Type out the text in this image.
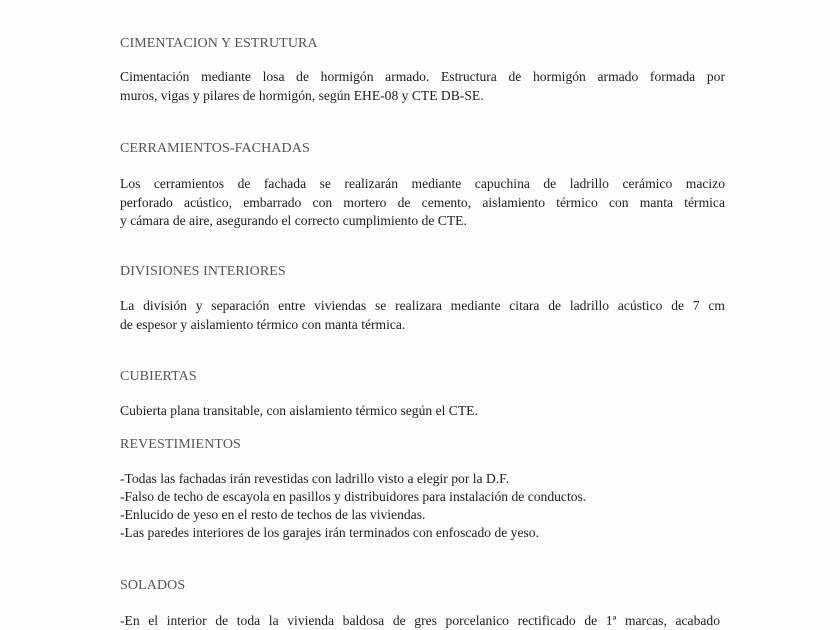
CIMENTACION Y ESTRUTURA
Cimentación mediante losa de hormigón armado. Estructura de hormigón armado formada por
muros, vigas y pilares de hormigón, según EHE-08 y CTE DB-SE.
CERRAMIENTOS-FACHADAS
Los cerramientos de fachada se realizarán mediante capuchina de ladrillo cerámico macizo
perforado acústico, embarrado con mortero de cemento, aislamiento térmico con manta térmica
y cámara de aire, asegurando el correcto cumplimiento de CTE.
DIVISIONES INTERIORES
La división y separación entre viviendas se realizara mediante citara de ladrillo acústico de 7 cm
de espesor y aislamiento térmico con manta térmica.
CUBIERTAS
Cubierta plana transitable, con aislamiento térmico según el CTE.
REVESTIMIENTOS
-Todas las fachadas irán revestidas con ladrillo visto a elegir por la D.F.
-Falso de techo de escayola en pasillos y distribuidores para instalación de conductos.
-Enlucido de yeso en el resto de techos de las viviendas.
-Las paredes interiores de los garajes irán terminados con enfoscado de yeso.
SOLADOS
-En el interior de toda la vivienda baldosa de gres porcelanico rectificado de 1ª marcas, acabado
